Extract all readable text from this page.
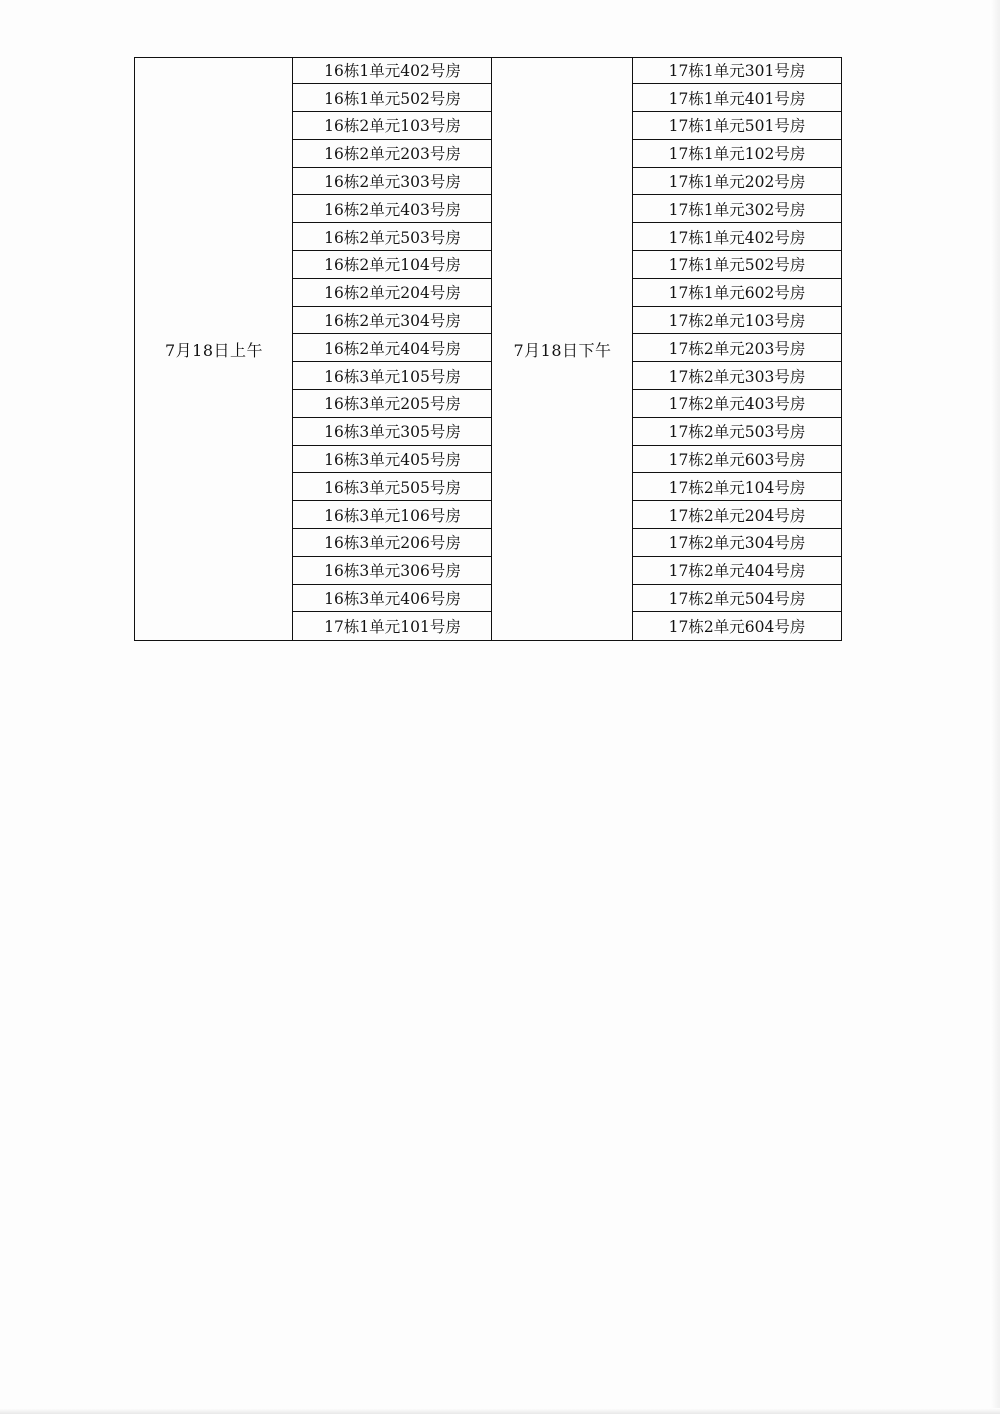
7月18日上午
16栋1单元402号房
16栋1单元502号房
16栋2单元103号房
16栋2单元203号房
16栋2单元303号房
16栋2单元403号房
16栋2单元503号房
16栋2单元104号房
16栋2单元204号房
16栋2单元304号房
16栋2单元404号房
16栋3单元105号房
16栋3单元205号房
16栋3单元305号房
16栋3单元405号房
16栋3单元505号房
16栋3单元106号房
16栋3单元206号房
16栋3单元306号房
16栋3单元406号房
17栋1单元101号房
7月18日下午
17栋1单元301号房
17栋1单元401号房
17栋1单元501号房
17栋1单元102号房
17栋1单元202号房
17栋1单元302号房
17栋1单元402号房
17栋1单元502号房
17栋1单元602号房
17栋2单元103号房
17栋2单元203号房
17栋2单元303号房
17栋2单元403号房
17栋2单元503号房
17栋2单元603号房
17栋2单元104号房
17栋2单元204号房
17栋2单元304号房
17栋2单元404号房
17栋2单元504号房
17栋2单元604号房
